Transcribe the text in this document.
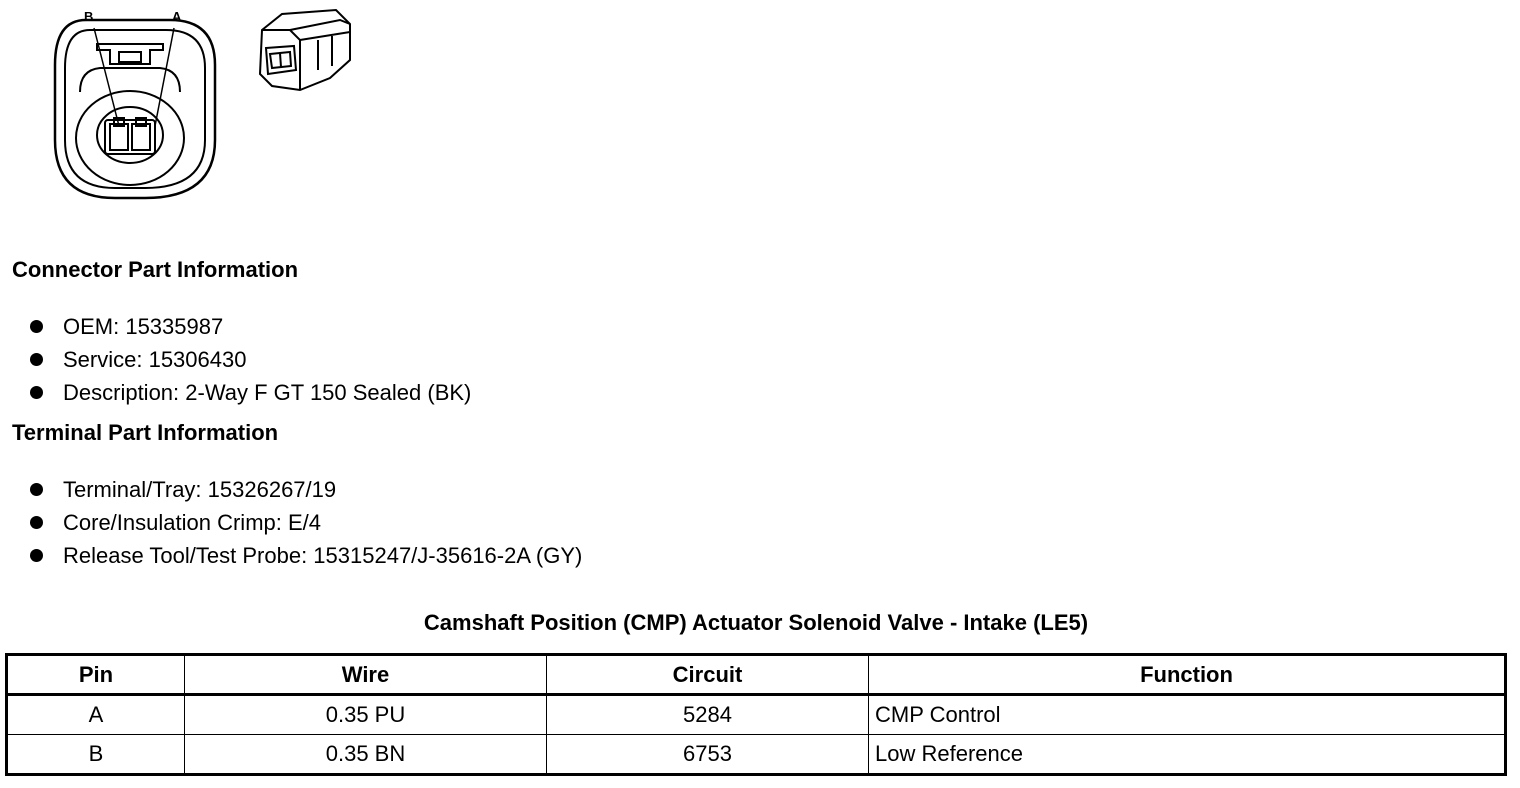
B	A
Connector Part Information
OEM: 15335987
Service: 15306430
Description: 2-Way F GT 150 Sealed (BK)
Terminal Part Information
Terminal/Tray: 15326267/19
Core/Insulation Crimp: E/4
Release Tool/Test Probe: 15315247/J-35616-2A (GY)
Camshaft Position (CMP) Actuator Solenoid Valve - Intake (LE5)
Pin	Wire	Circuit	Function
A	0.35 PU	5284	CMP Control
B	0.35 BN	6753	Low Reference
